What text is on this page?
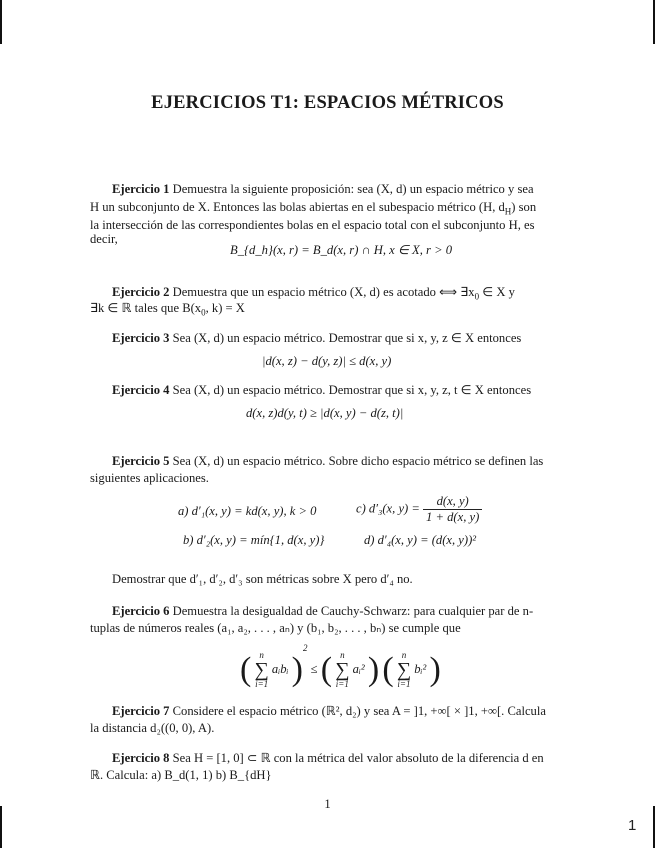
EJERCICIOS T1: ESPACIOS MÉTRICOS
Ejercicio 1 Demuestra la siguiente proposición: sea (X, d) un espacio métrico y sea
H un subconjunto de X. Entonces las bolas abiertas en el subespacio métrico (H, $d_H$) son
la intersección de las correspondientes bolas en el espacio total con el subconjunto H, es
decir,
B_{d_h}(x, r) = B_d(x, r) ∩ H, x ∈ X, r > 0
Ejercicio 2 Demuestra que un espacio métrico (X, d) es acotado ⟺ $\exists x_0$ ∈ X y
∃k ∈ ℝ tales que $B(x_0$, k) = X
Ejercicio 3 Sea (X, d) un espacio métrico. Demostrar que si x, y, z ∈ X entonces
|d(x, z) − d(y, z)| ≤ d(x, y)
Ejercicio 4 Sea (X, d) un espacio métrico. Demostrar que si x, y, z, t ∈ X entonces
d(x, z)d(y, t) ≥ |d(x, y) − d(z, t)|
Ejercicio 5 Sea (X, d) un espacio métrico. Sobre dicho espacio métrico se definen las
siguientes aplicaciones.
a) d′₁(x, y) = kd(x, y), k > 0	c) d′₃(x, $y) = \frac{d(x, y)}{1 + d(x, y)}$
b) d′₂(x, y) = mín{1, d(x, y)}	d) d′₄(x, y) = (d(x, y))²
Demostrar que d′₁, d′₂, d′₃ son métricas sobre X pero d′₄ no.
Ejercicio 6 Demuestra la desigualdad de Cauchy-Schwarz: para cualquier par de n-
tuplas de números reales (a₁, a₂, . . . , aₙ) y (b₁, b₂, . . . , bₙ) se cumple que
( n
∑
i=1 aᵢbᵢ )$^2$ ≤ ( n
∑
i=1 aᵢ² ) ( n
∑
i=1 bᵢ² )
Ejercicio 7 Considere el espacio métrico (ℝ², d₂) y sea A = ]1, +∞[ × ]1, +∞[. Calcula
la distancia d₂((0, 0), A).
Ejercicio 8 Sea H = [1, 0] ⊂ ℝ con la métrica del valor absoluto de la diferencia d en
ℝ. Calcula: a) B_d(1, 1) b) B_{dH}
1
1
